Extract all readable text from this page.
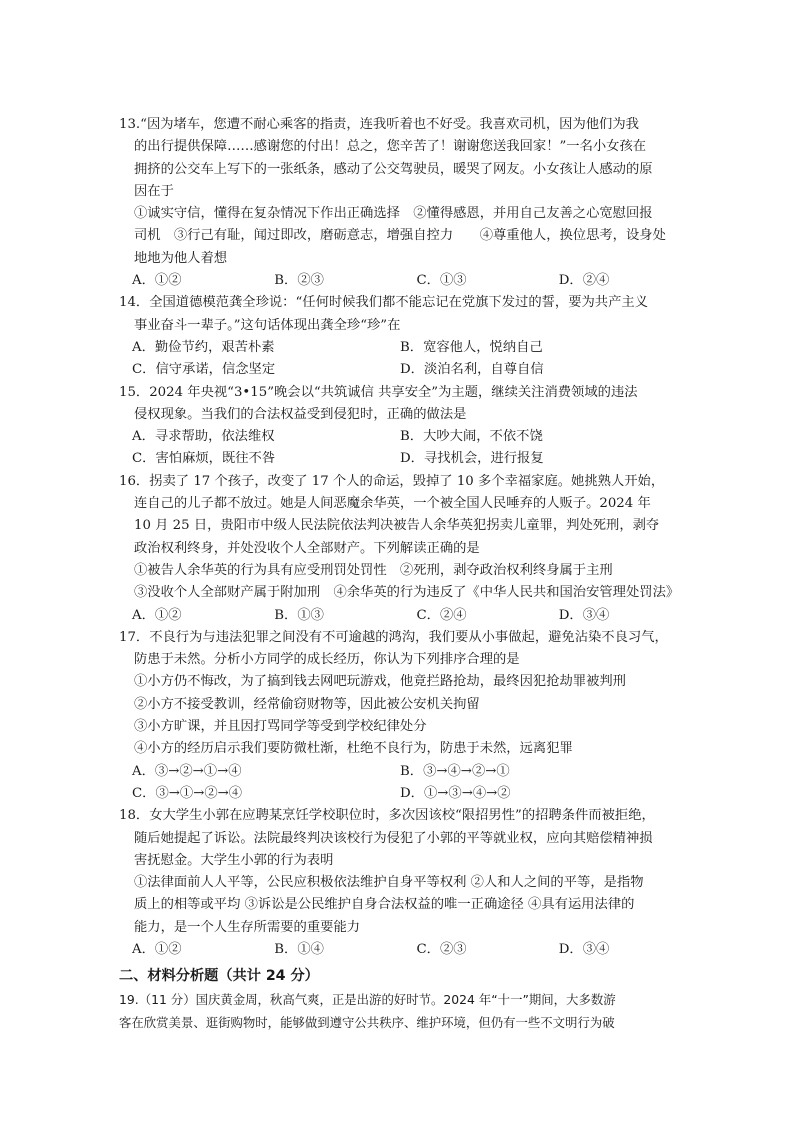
13.“因为堵车，您遭不耐心乘客的指责，连我听着也不好受。我喜欢司机，因为他们为我
的出行提供保障……感谢您的付出！总之，您辛苦了！谢谢您送我回家！”一名小女孩在
拥挤的公交车上写下的一张纸条，感动了公交驾驶员，暖哭了网友。小女孩让人感动的原
因在于
①诚实守信，懂得在复杂情况下作出正确选择　②懂得感恩，并用自己友善之心宽慰回报
司机　③行己有耻，闻过即改，磨砺意志，增强自控力　　④尊重他人，换位思考，设身处
地地为他人着想
A．①②	B．②③	C．①③	D．②④
14．全国道德模范龚全珍说：“任何时候我们都不能忘记在党旗下发过的誓，要为共产主义
事业奋斗一辈子。”这句话体现出龚全珍“珍”在
A．勤俭节约，艰苦朴素	B．宽容他人，悦纳自己
C．信守承诺，信念坚定	D．淡泊名利，自尊自信
15．2024 年央视“3•15”晚会以“共筑诚信 共享安全”为主题，继续关注消费领域的违法
侵权现象。当我们的合法权益受到侵犯时，正确的做法是
A．寻求帮助，依法维权	B．大吵大闹，不依不饶
C．害怕麻烦，既往不咎	D．寻找机会，进行报复
16．拐卖了 17 个孩子，改变了 17 个人的命运，毁掉了 10 多个幸福家庭。她挑熟人开始，
连自己的儿子都不放过。她是人间恶魔余华英，一个被全国人民唾弃的人贩子。2024 年
10 月 25 日，贵阳市中级人民法院依法判决被告人余华英犯拐卖儿童罪，判处死刑，剥夺
政治权利终身，并处没收个人全部财产。下列解读正确的是
①被告人余华英的行为具有应受刑罚处罚性　②死刑，剥夺政治权利终身属于主刑
③没收个人全部财产属于附加刑　④余华英的行为违反了《中华人民共和国治安管理处罚法》
A．①②	B．①③	C．②④	D．③④
17．不良行为与违法犯罪之间没有不可逾越的鸿沟，我们要从小事做起，避免沾染不良习气，
防患于未然。分析小方同学的成长经历，你认为下列排序合理的是
①小方仍不悔改，为了搞到钱去网吧玩游戏，他竟拦路抢劫，最终因犯抢劫罪被判刑
②小方不接受教训，经常偷窃财物等，因此被公安机关拘留
③小方旷课，并且因打骂同学等受到学校纪律处分
④小方的经历启示我们要防微杜渐，杜绝不良行为，防患于未然，远离犯罪
A．③→②→①→④	B．③→④→②→①
C．③→①→②→④	D．①→③→④→②
18．女大学生小郭在应聘某烹饪学校职位时，多次因该校“限招男性”的招聘条件而被拒绝，
随后她提起了诉讼。法院最终判决该校行为侵犯了小郭的平等就业权，应向其赔偿精神损
害抚慰金。大学生小郭的行为表明
①法律面前人人平等，公民应积极依法维护自身平等权利 ②人和人之间的平等，是指物
质上的相等或平均 ③诉讼是公民维护自身合法权益的唯一正确途径 ④具有运用法律的
能力，是一个人生存所需要的重要能力
A．①②	B．①④	C．②③	D．③④
二、材料分析题（共计 24 分）
19.（11 分）国庆黄金周，秋高气爽，正是出游的好时节。2024 年“十一”期间，大多数游
客在欣赏美景、逛街购物时，能够做到遵守公共秩序、维护环境，但仍有一些不文明行为破
